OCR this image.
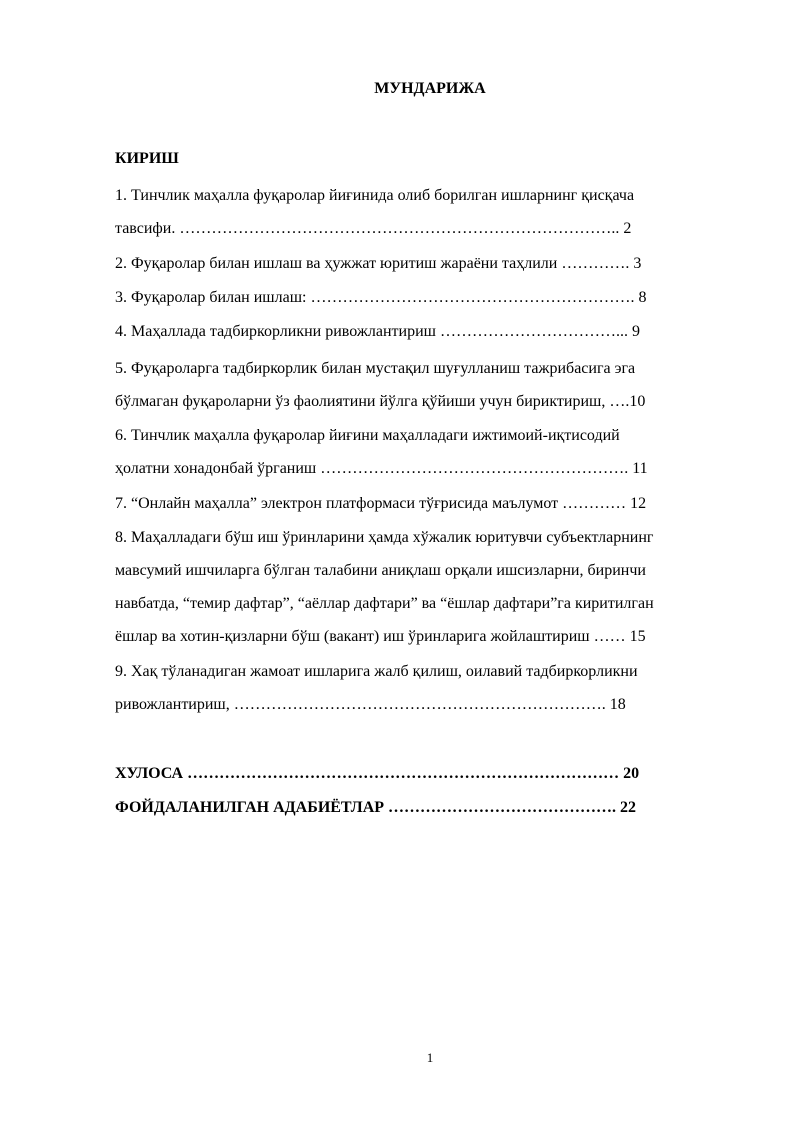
МУНДАРИЖА
КИРИШ
1. Тинчлик маҳалла фуқаролар йиғинида олиб борилган ишларнинг қисқача
тавсифи. ……………………………………………………………………….. 2
2. Фуқаролар билан ишлаш ва ҳужжат юритиш жараёни таҳлили …………. 3
3. Фуқаролар билан ишлаш: ……………………………………………………. 8
4. Маҳаллада тадбиркорликни ривожлантириш ……………………………... 9
5. Фуқароларга тадбиркорлик билан мустақил шуғулланиш тажрибасига эга
бўлмаган фуқароларни ўз фаолиятини йўлга қўйиши учун бириктириш, ….10
6. Тинчлик маҳалла фуқаролар йиғини маҳалладаги ижтимоий-иқтисодий
ҳолатни хонадонбай ўрганиш …………………………………………………. 11
7. “Онлайн маҳалла” электрон платформаси тўғрисида маълумот ………… 12
8. Маҳалладаги бўш иш ўринларини ҳамда хўжалик юритувчи субъектларнинг
мавсумий ишчиларга бўлган талабини аниқлаш орқали ишсизларни, биринчи
навбатда, “темир дафтар”, “аёллар дафтари” ва “ёшлар дафтари”га киритилган
ёшлар ва хотин-қизларни бўш (вакант) иш ўринларига жойлаштириш …… 15
9. Хақ тўланадиган жамоат ишларига жалб қилиш, оилавий тадбиркорликни
ривожлантириш, ……………………………………………………………. 18
ХУЛОСА ……………………………………………………………………… 20
ФОЙДАЛАНИЛГАН АДАБИЁТЛАР ……………………………………. 22
1
